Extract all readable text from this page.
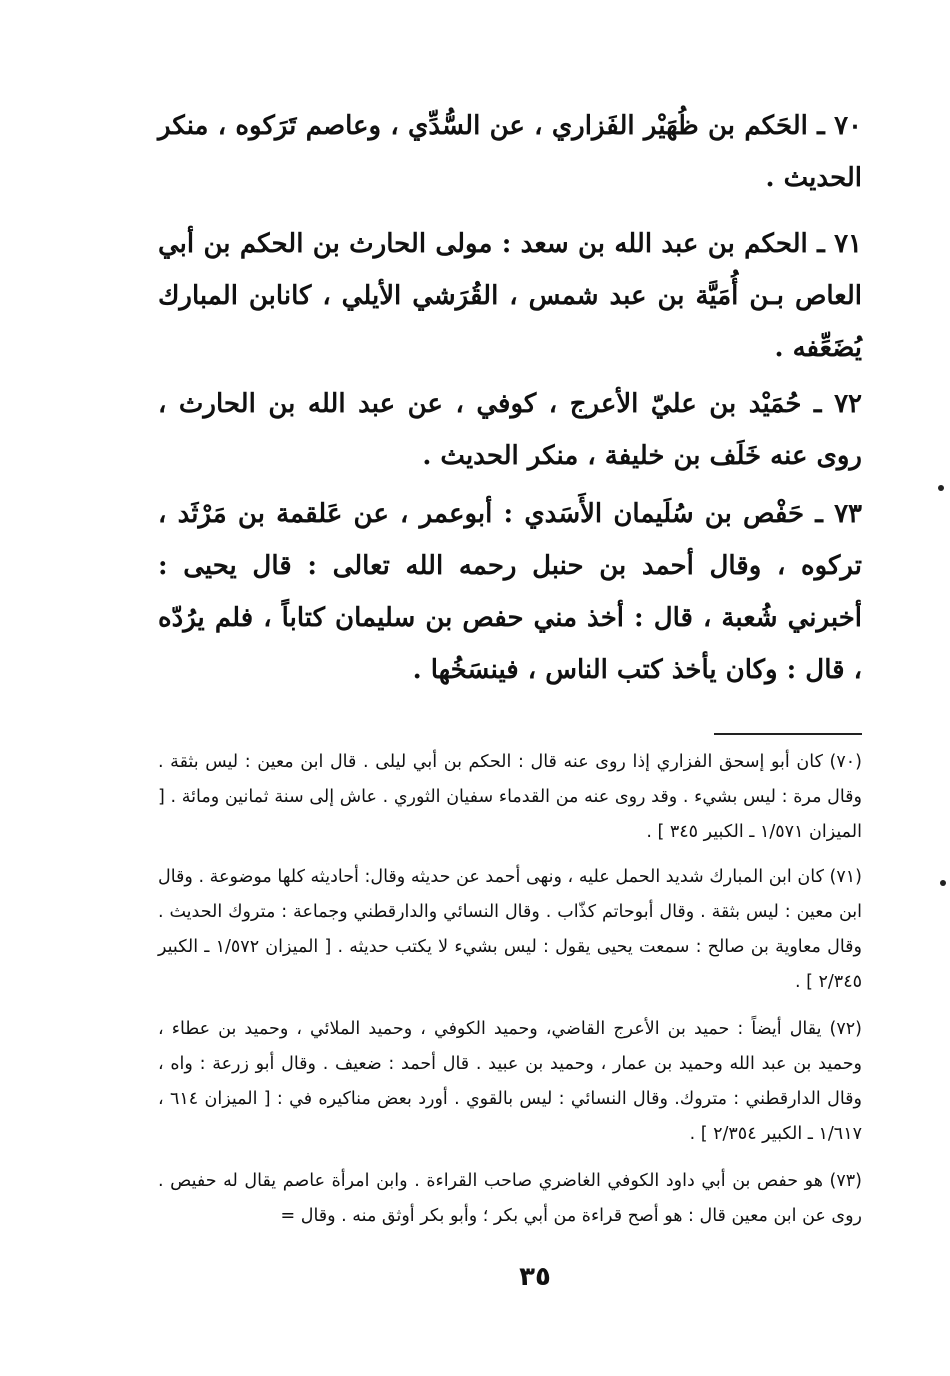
٧٠ ـ الحَكم بن ظُهَيْر الفَزاري ، عن السُّدِّي ، وعاصم تَرَكوه ، منكر الحديث .

٧١ ـ الحكم بن عبد الله بن سعد : مولى الحارث بن الحكم بن أبي العاص بـن أُمَيَّة بن عبد شمس ، القُرَشي الأيلي ، كانابن المبارك يُضَعِّفه .

٧٢ ـ حُمَيْد بن عليّ الأعرج ، كوفي ، عن عبد الله بن الحارث ، روى عنه خَلَف بن خليفة ، منكر الحديث .

٧٣ ـ حَفْص بن سُلَيمان الأَسَدي : أبوعمر ، عن عَلقمة بن مَرْثَد ، تركوه ، وقال أحمد بن حنبل رحمه الله تعالى : قال يحيى : أخبرني شُعبة ، قال : أخذ مني حفص بن سليمان كتاباً ، فلم يرُدّه ، قال : وكان يأخذ كتب الناس ، فينسَخُها .

(٧٠) كان أبو إسحق الفزاري إذا روى عنه قال : الحكم بن أبي ليلى . قال ابن معين : ليس بثقة . وقال مرة : ليس بشيء . وقد روى عنه من القدماء سفيان الثوري . عاش إلى سنة ثمانين ومائة . [ الميزان ١/٥٧١ ـ الكبير ٣٤٥ ] .

(٧١) كان ابن المبارك شديد الحمل عليه ، ونهى أحمد عن حديثه وقال: أحاديثه كلها موضوعة . وقال ابن معين : ليس بثقة . وقال أبوحاتم كذّاب . وقال النسائي والدارقطني وجماعة : متروك الحديث . وقال معاوية بن صالح : سمعت يحيى يقول : ليس بشيء لا يكتب حديثه . [ الميزان ١/٥٧٢ ـ الكبير ٢/٣٤٥ ] .

(٧٢) يقال أيضاً : حميد بن الأعرج القاضي، وحميد الكوفي ، وحميد الملائي ، وحميد بن عطاء ، وحميد بن عبد الله وحميد بن عمار ، وحميد بن عبيد . قال أحمد : ضعيف . وقال أبو زرعة : واه ، وقال الدارقطني : متروك. وقال النسائي : ليس بالقوي . أورد بعض مناكيره في : [ الميزان ٦١٤ ، ١/٦١٧ ـ الكبير ٢/٣٥٤ ] .

(٧٣) هو حفص بن أبي داود الكوفي الغاضري صاحب القراءة . وابن امرأة عاصم يقال له حفيص . روى عن ابن معين قال : هو أصح قراءة من أبي بكر ؛ وأبو بكر أوثق منه . وقال =

٣٥
